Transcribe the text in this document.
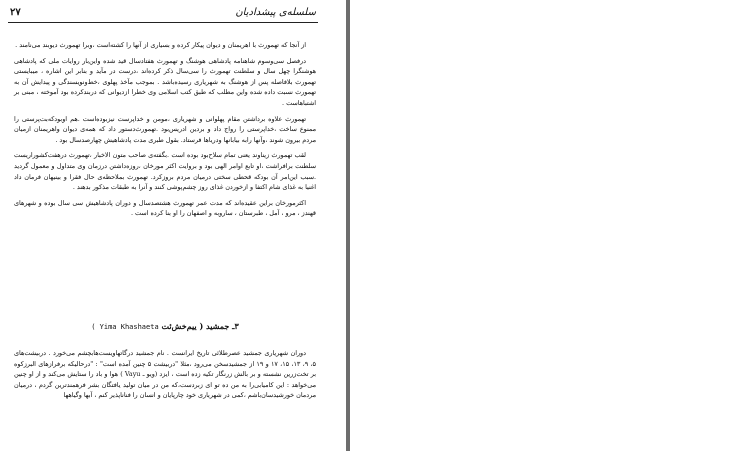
۲۷	سلسله‌ی پیشدادیان

از آنجا که تهمورث با اهریمنان و دیوان پیکار کرده و بسیاری از آنها را کشته‌است ،وبرا تهمورث دیوبند می‌نامند .

درفصل سی‌وسوم شاهنامه پادشاهی هوشنگ و تهمورث هفتادسال قید شده واین‌بار روایات ملی که پادشاهی هوشنگرا چهل سال و سلطنت تهمورث را سی‌سال ذکر کرده‌اند ،درست در مآید و بنابر این اشاره ، میبایستی تهمورث بلافاصله پس از هوشنگ به شهریاری رسیده‌باشد . بموجب مآخذ پهلوی ،خط‌ونویسندگی و پیدایش آن به تهمورث نسبت داده شده واین مطلب که طبق کتب اسلامی وی خطرا ازدیوانی که دربندکرده بود آموخته ، مبنی بر اشتباهاست .

تهمورث علاوه برداشتن مقام پهلوانی و شهریاری ،مومن و خداپرست نیزبوده‌است .هم اوبودکه‌بت‌پرستی را ممنوع ساخت ،خداپرستی را رواج داد و بردین ادریس‌بود .تهمورث‌دستور داد که همه‌ی دیوان واهریمنان ازمیان مردم بیرون شوند ،وآنها رابه بیابانها ودریاها فرستاد. بقول طبری مدت پادشاهیش چهارصدسال بود .

لقب تهمورث زیناوند یعنی تمام سلاح‌بود بوده است .بگفته‌ی صاحب متون الاخبار ،تهمورث درهفت‌کشوراریست سلطنت برافراشت ،او تابع اوامر الهی بود و بروایت اکثر مورخان ،روزه‌داشتن درزمان وی متداول و معمول گردید .سبب این‌امر آن بودکه قحطی سختی درمیان مردم بروزکرد. تهمورث بملاحظه‌ی حال فقرا و بینیهان فرمان داد اغنیا به غذای شام اکتفا و ازخوردن غذای روز چشم‌پوشی کنند و آنرا به طبقات مذکور بدهند .

اکثرمورخان براین عقیده‌اند که مدت عمر تهمورث هشتصدسال و دوران پادشاهیش سی سال بوده و شهرهای قهندز ، مرو ، آمل ، طبرستان ، ساروبه و اصفهان را او بنا کرده است .

۳ـ جمشید ( ییم‌خش‌ئت Yima Khashaeta )

دوران شهریاری جمشید عصرطلائی تاریخ ایرانست . نام جمشید درگاتهاویست‌هابچشم می‌خورد . دربیشت‌های ۵، ۹، ۱۳، ۱۵، ۱۷ و ۱۹ از جمشیدسخن می‌رود ،مثلا "دربیشت ۵ چنین آمده است" : "درحالیکه برفرازهای البرزکوه بر تخت‌زرین نشسته و بر بالش زرنگار تکیه زده است ، ایزد (ویو ـ Vayu ) هوا و باد را ستایش می‌کند و از او چنین می‌خواهد : این کامیابی‌را به من ده تو ای زبردست،که من در میان تولید یافتگان بشر فرهمندترین گردم ، درمیان مردمان خورشیدسان‌باشم ،کمی در شهریاری خود چارپایان و انسان را فنانا‌پذیر کنم ، آبها وگیاهها
